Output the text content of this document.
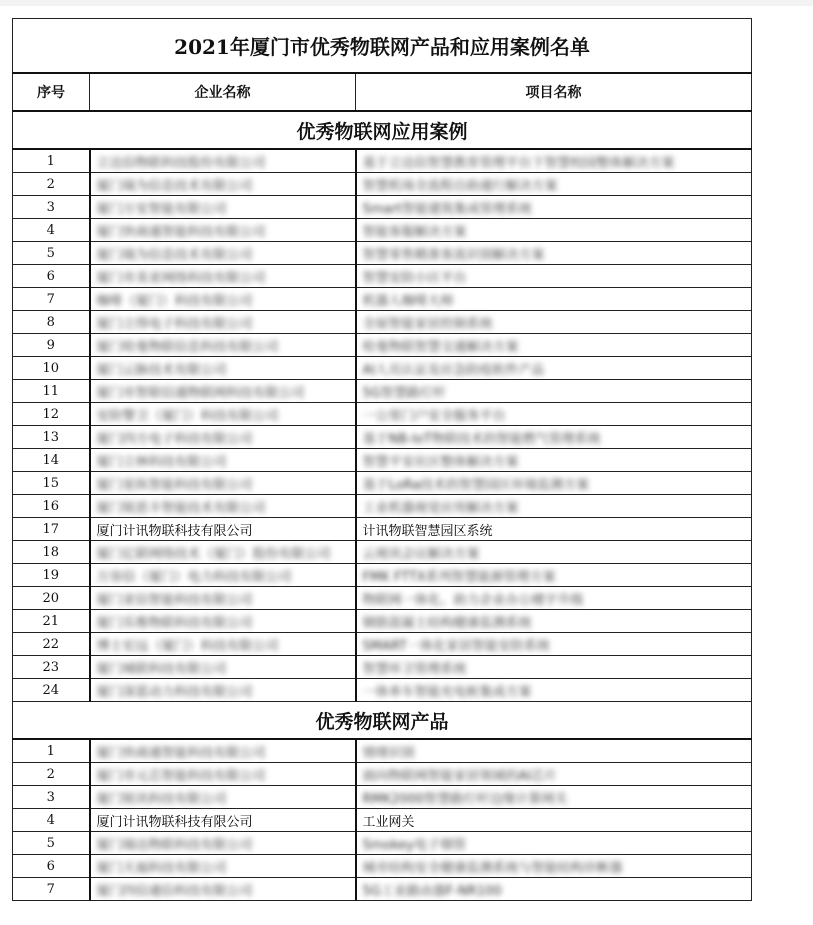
2021年厦门市优秀物联网产品和应用案例名单		
序号	企业名称	项目名称
优秀物联网应用案例		
1	立达信物联科技股份有限公司	基于立达信智慧教育管理平台下智慧校园整体解决方案
2	厦门瑞为信息技术有限公司	智慧机场全流程自助通行解决方案
3	厦门万安智能有限公司	Smart智能建筑集成管理系统
4	厦门快商通智能科技有限公司	智能客服解决方案
5	厦门瑞为信息技术有限公司	智慧零售精准客流识别解决方案
6	厦门市美亚网络科技有限公司	智慧安防小区平台
7	咖啡（厦门）科技有限公司	机器人咖啡大师
8	厦门立得电子科技有限公司	全屋智能家居控制系统
9	厦门哈曼物联信息科技有限公司	哈曼物联智慧交通解决方案
10	厦门云脉技术有限公司	AI人员认证及应急防疫软件产品
11	厦门市智联信通物联网科技有限公司	5G智慧路灯杆
12	安防警卫（厦门）科技有限公司	一公里门户安全服务平台
13	厦门四方电子科技有限公司	基于NB-IoT物联技术的智能燃气管理系统
14	厦门立林科技有限公司	智慧平安社区整体解决方案
15	厦门星纵智能科技有限公司	基于LoRa技术的智慧园区环境监测方案
16	厦门锐思丰智能技术有限公司	工业机器视觉应用解决方案
17	厦门计讯物联科技有限公司	计讯物联智慧园区系统
18	厦门亿联网络技术（厦门）股份有限公司	云视讯会议解决方案
19	万容信（厦门）电力科技有限公司	FMK FTTX系列智慧能源管理方案
20	厦门亚信智能科技有限公司	物联网一体化、助力企业办公楼宇升级
21	厦门乐维物联科技有限公司	钢筋混凝土结构健康监测系统
22	博士宏远（厦门）科技有限公司	SMART一体化家居智能安防系统
23	厦门城联科技有限公司	智慧环卫管理系统
24	厦门深蓝动力科技有限公司	一体单车智能充电桩集成方案
优秀物联网产品		
1	厦门快商通智能科技有限公司	情绪识别
2	厦门市元芯智能科技有限公司	面向物联网智能家居领域的AI芯片
3	厦门锐讯科技有限公司	RMK2000智慧路灯杆边缘计算网关
4	厦门计讯物联科技有限公司	工业网关
5	厦门瑞达物联科技有限公司	Smokey电子烟管
6	厦门天福科技有限公司	城市结构安全健康监测系统与智能结构诊断器
7	厦门四信通信科技有限公司	5G工业路由器F-NR100
